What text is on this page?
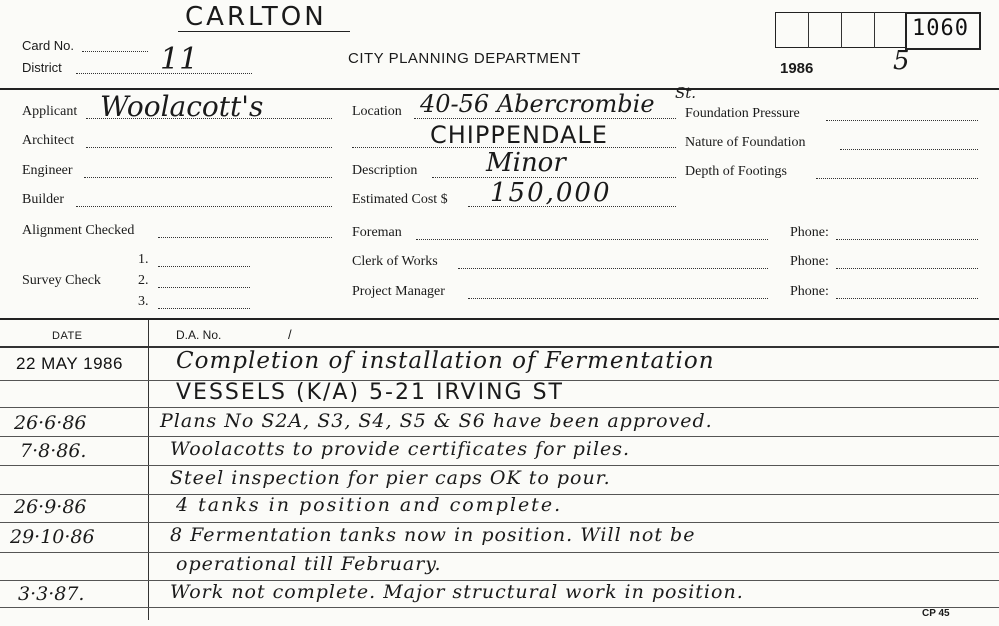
CARLTON
Card No.
District	11	CITY PLANNING DEPARTMENT
1986	5
1060
Applicant Woolacott's
Architect
Engineer
Builder
Alignment Checked
Survey Check
1.
2.
3.
Location 40-56 Abercrombie St.
CHIPPENDALE
Description	Minor
Estimated Cost $ 150,000
Foreman	Phone:
Clerk of Works	Phone:
Project Manager	Phone:
Foundation Pressure
Nature of Foundation
Depth of Footings
DATE	D.A. No.	/
22 MAY 1986 Completion of installation of Fermentation
VESSELS (K/A) 5-21 IRVING ST
26·6·86	Plans No S2A, S3, S4, S5 & S6 have been approved.
7·8·86.	Woolacotts to provide certificates for piles.
Steel inspection for pier caps OK to pour.
26·9·86	4 tanks in position and complete.
29·10·86	8 Fermentation tanks now in position. Will not be
operational till February.
3·3·87.	Work not complete. Major structural work in position.
CP 45
